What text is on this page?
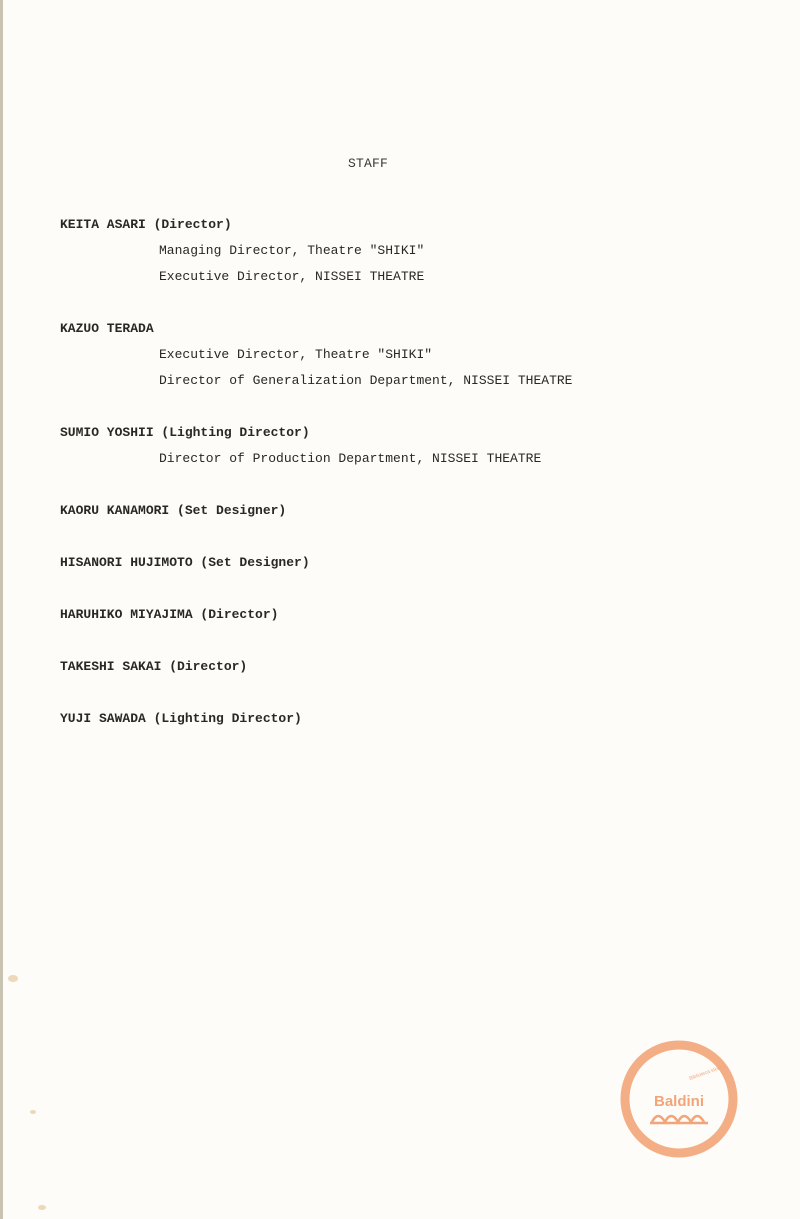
STAFF
KEITA ASARI (Director)
Managing Director, Theatre "SHIKI"
Executive Director, NISSEI THEATRE
KAZUO TERADA
Executive Director, Theatre "SHIKI"
Director of Generalization Department, NISSEI THEATRE
SUMIO YOSHII (Lighting Director)
Director of Production Department, NISSEI THEATRE
KAORU KANAMORI (Set Designer)
HISANORI HUJIMOTO (Set Designer)
HARUHIKO MIYAJIMA (Director)
TAKESHI SAKAI (Director)
YUJI SAWADA (Lighting Director)
Biblioteca storica
Baldini
